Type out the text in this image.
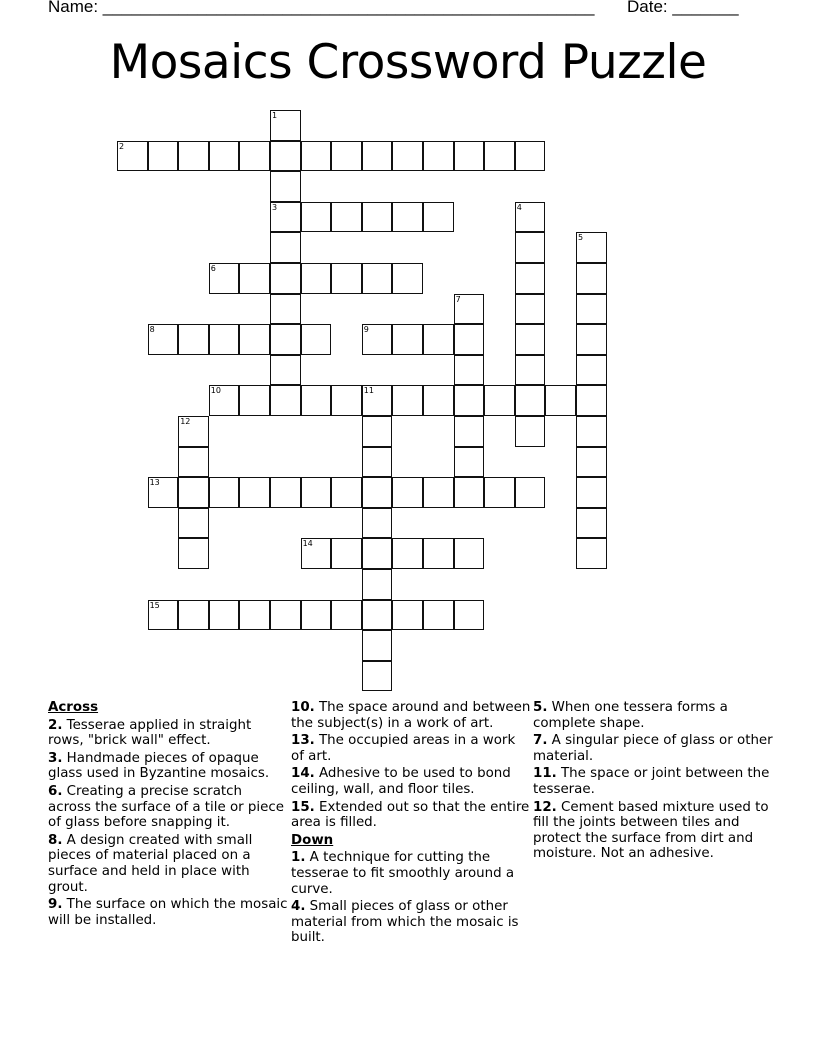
Name: ____________________________________________________ Date: _______
Mosaics Crossword Puzzle
1
3
2
4
5
6
7
8	9
10	11
12
13
14
15
Across
2. Tesserae applied in straight rows, "brick wall" effect.
3. Handmade pieces of opaque glass used in Byzantine mosaics.
6. Creating a precise scratch across the surface of a tile or piece of glass before snapping it.
8. A design created with small pieces of material placed on a surface and held in place with grout.
9. The surface on which the mosaic will be installed.
10. The space around and between the subject(s) in a work of art.
13. The occupied areas in a work of art.
14. Adhesive to be used to bond ceiling, wall, and floor tiles.
15. Extended out so that the entire area is filled.
Down
1. A technique for cutting the tesserae to fit smoothly around a curve.
4. Small pieces of glass or other material from which the mosaic is built.
5. When one tessera forms a complete shape.
7. A singular piece of glass or other material.
11. The space or joint between the tesserae.
12. Cement based mixture used to fill the joints between tiles and protect the surface from dirt and moisture. Not an adhesive.
